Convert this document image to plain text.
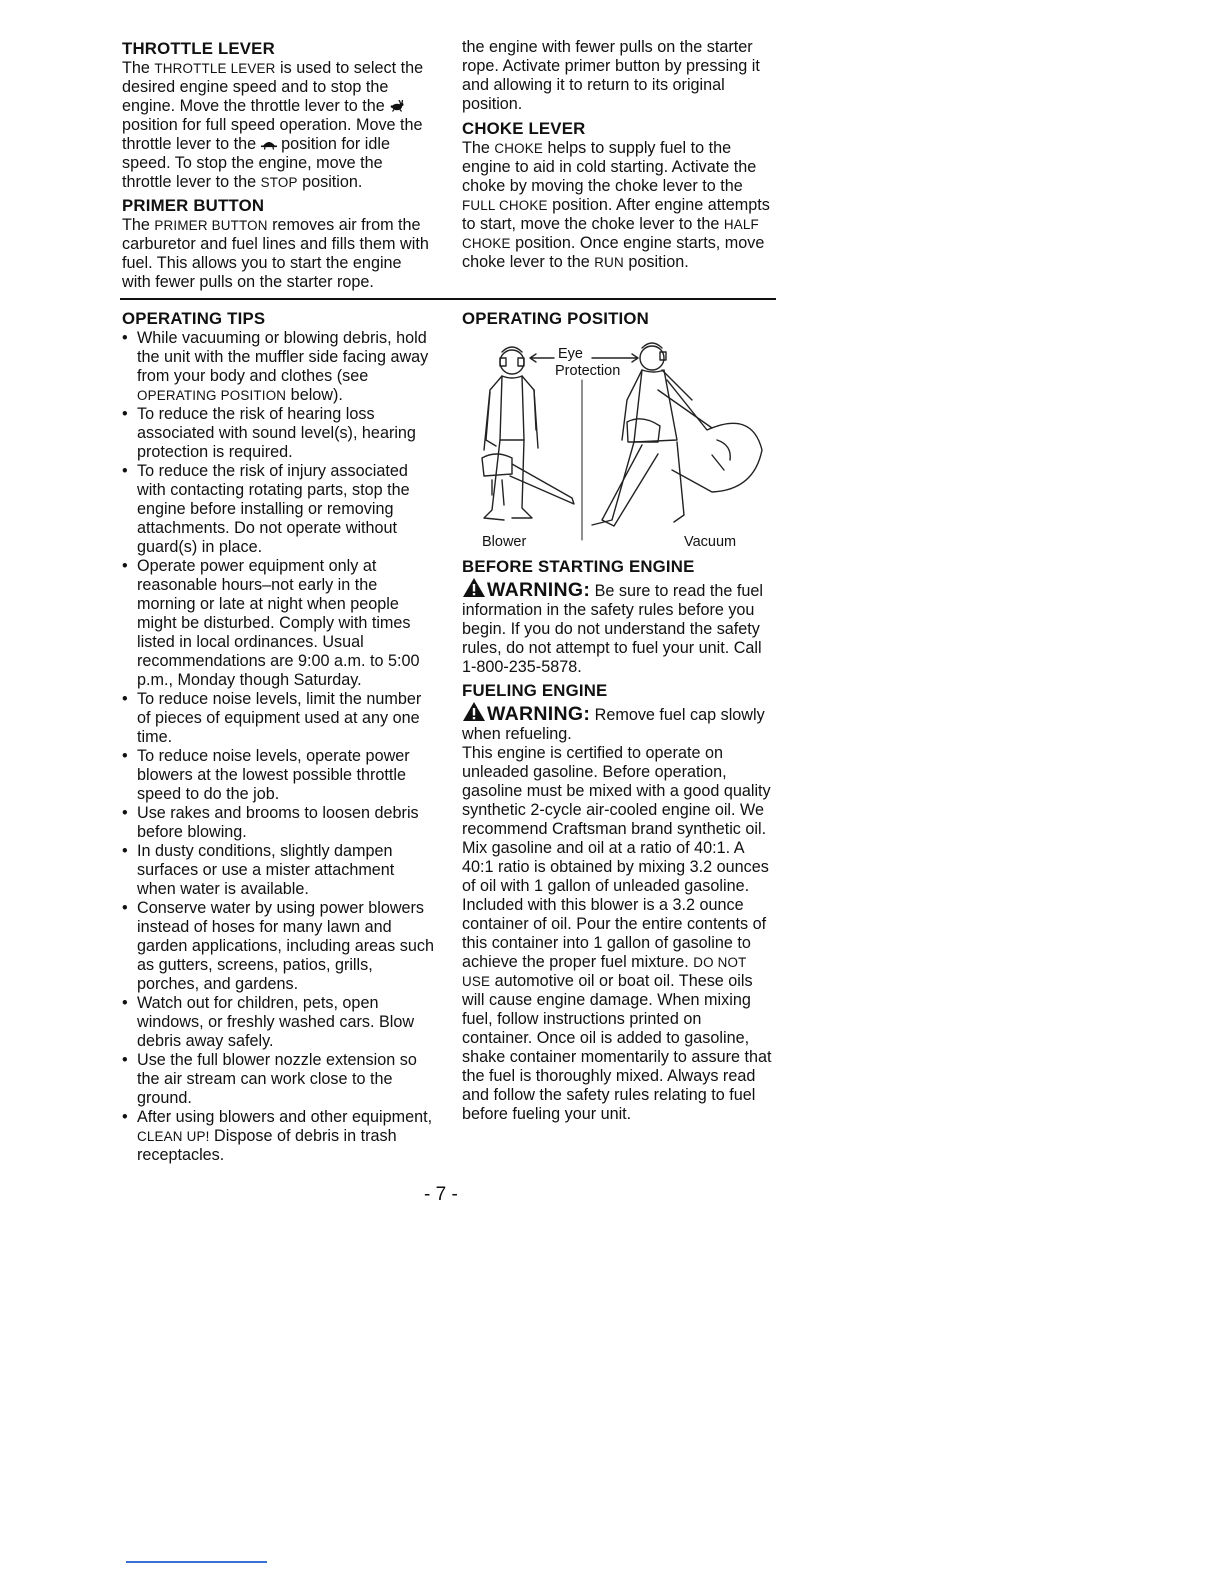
THROTTLE LEVER

The THROTTLE LEVER is used to select the desired engine speed and to stop the engine. Move the throttle lever to the  position for full speed operation. Move the throttle lever to the  position for idle speed. To stop the engine, move the throttle lever to the STOP position.

PRIMER BUTTON

The PRIMER BUTTON removes air from the carburetor and fuel lines and fills them with fuel. This allows you to start the engine with fewer pulls on the starter rope.

the engine with fewer pulls on the starter rope. Activate primer button by pressing it and allowing it to return to its original position.

CHOKE LEVER

The CHOKE helps to supply fuel to the engine to aid in cold starting. Activate the choke by moving the choke lever to the FULL CHOKE position. After engine attempts to start, move the choke lever to the HALF CHOKE position. Once engine starts, move choke lever to the RUN position.

OPERATING TIPS
• While vacuuming or blowing debris, hold the unit with the muffler side facing away from your body and clothes (see OPERATING POSITION below).
• To reduce the risk of hearing loss associated with sound level(s), hearing protection is required.
• To reduce the risk of injury associated with contacting rotating parts, stop the engine before installing or removing attachments. Do not operate without guard(s) in place.
• Operate power equipment only at reasonable hours–not early in the morning or late at night when people might be disturbed. Comply with times listed in local ordinances. Usual recommendations are 9:00 a.m. to 5:00 p.m., Monday though Saturday.
• To reduce noise levels, limit the number of pieces of equipment used at any one time.
• To reduce noise levels, operate power blowers at the lowest possible throttle speed to do the job.
• Use rakes and brooms to loosen debris before blowing.
• In dusty conditions, slightly dampen surfaces or use a mister attachment when water is available.
• Conserve water by using power blowers instead of hoses for many lawn and garden applications, including areas such as gutters, screens, patios, grills, porches, and gardens.
• Watch out for children, pets, open windows, or freshly washed cars. Blow debris away safely.
• Use the full blower nozzle extension so the air stream can work close to the ground.
• After using blowers and other equipment, CLEAN UP! Dispose of debris in trash receptacles.
OPERATING POSITION
Eye
Protection
Blower	Vacuum
BEFORE STARTING ENGINE

WARNING: Be sure to read the fuel information in the safety rules before you begin. If you do not understand the safety rules, do not attempt to fuel your unit. Call 1-800-235-5878.

FUELING ENGINE

WARNING: Remove fuel cap slowly when refueling.

This engine is certified to operate on unleaded gasoline. Before operation, gasoline must be mixed with a good quality synthetic 2-cycle air-cooled engine oil. We recommend Craftsman brand synthetic oil. Mix gasoline and oil at a ratio of 40:1. A 40:1 ratio is obtained by mixing 3.2 ounces of oil with 1 gallon of unleaded gasoline. Included with this blower is a 3.2 ounce container of oil. Pour the entire contents of this container into 1 gallon of gasoline to achieve the proper fuel mixture. DO NOT USE automotive oil or boat oil. These oils will cause engine damage. When mixing fuel, follow instructions printed on container. Once oil is added to gasoline, shake container momentarily to assure that the fuel is thoroughly mixed. Always read and follow the safety rules relating to fuel before fueling your unit.

- 7 -
